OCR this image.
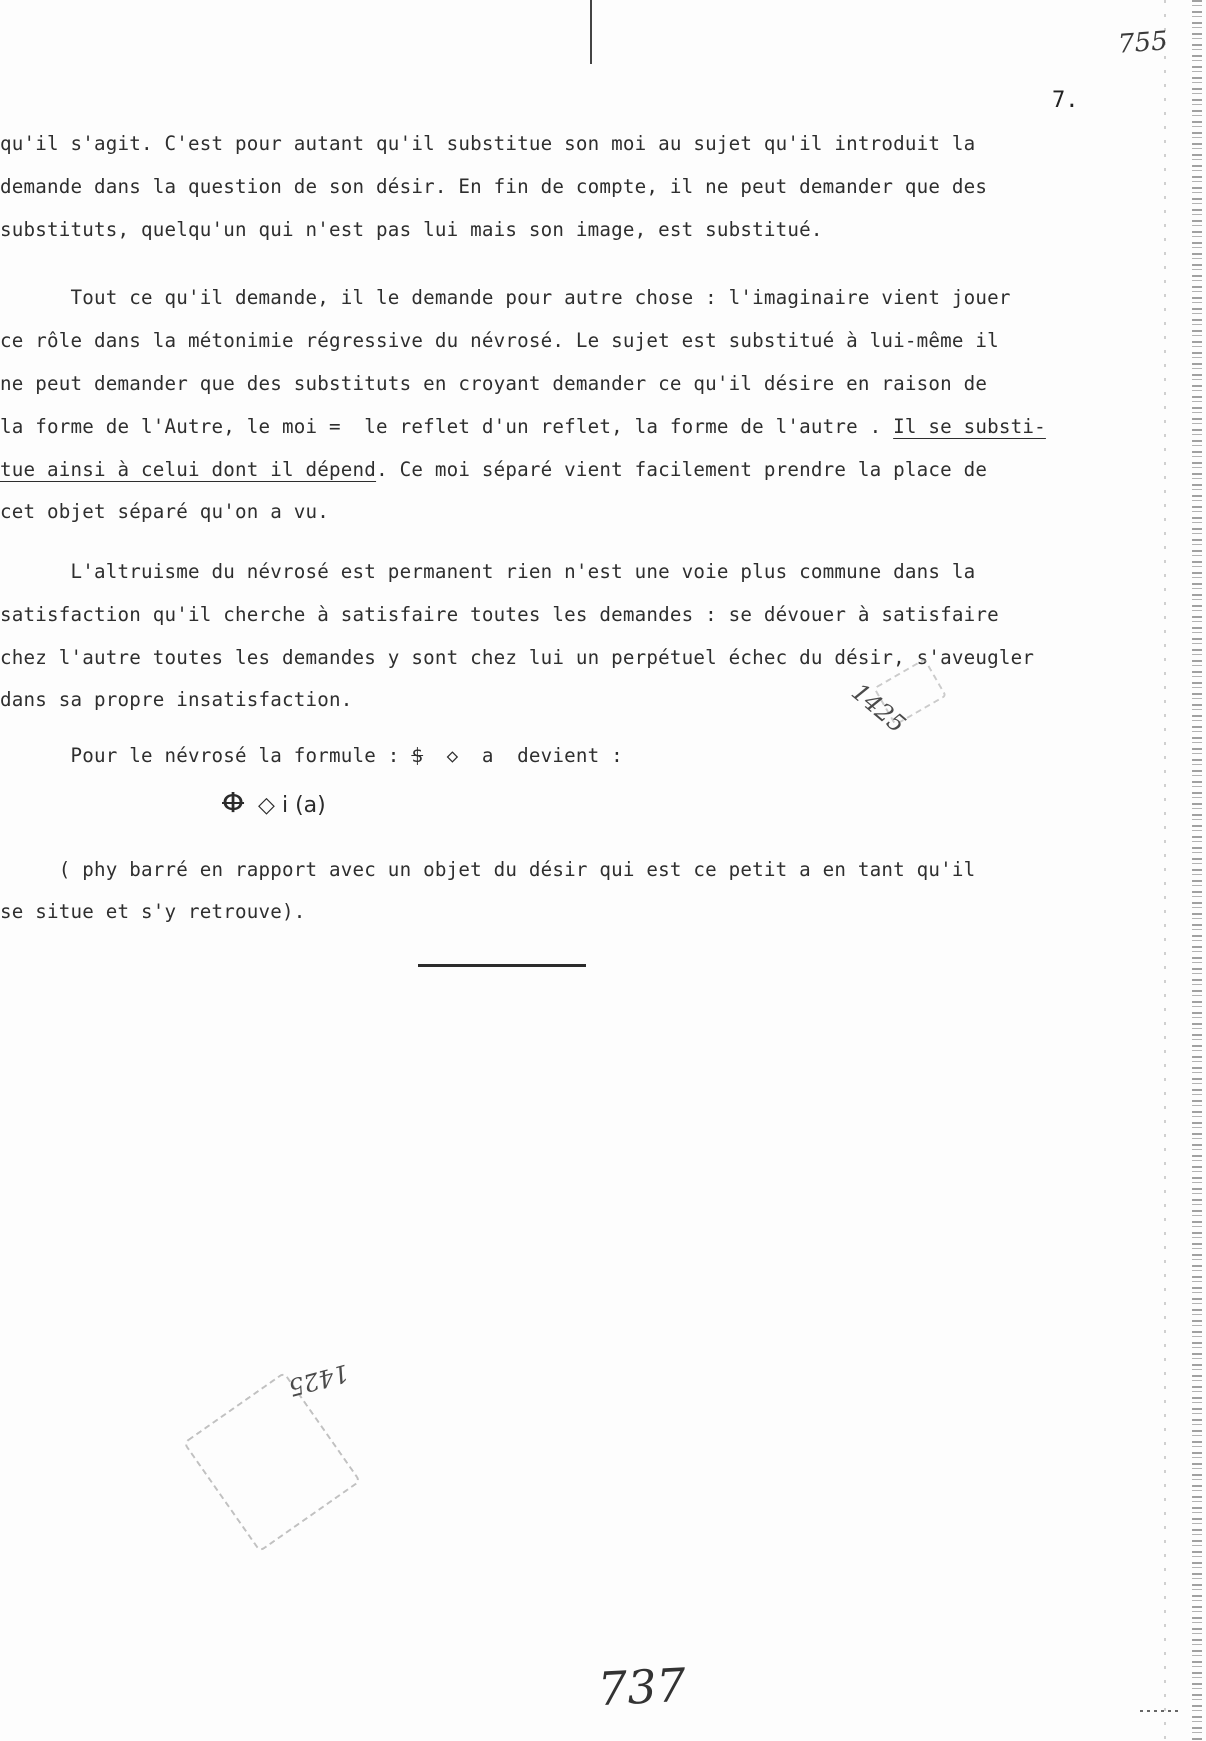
755
7.
qu'il s'agit. C'est pour autant qu'il substitue son moi au sujet qu'il introduit la
demande dans la question de son désir. En fin de compte, il ne peut demander que des
substituts, quelqu'un qui n'est pas lui mais son image, est substitué.
Tout ce qu'il demande, il le demande pour autre chose : l'imaginaire vient jouer
ce rôle dans la métonimie régressive du névrosé. Le sujet est substitué à lui-même il
ne peut demander que des substituts en croyant demander ce qu'il désire en raison de
la forme de l'Autre, le moi =  le reflet d'un reflet, la forme de l'autre . Il se substi-
tue ainsi à celui dont il dépend. Ce moi séparé vient facilement prendre la place de
cet objet séparé qu'on a vu.
L'altruisme du névrosé est permanent rien n'est une voie plus commune dans la
satisfaction qu'il cherche à satisfaire toutes les demandes : se dévouer à satisfaire
chez l'autre toutes les demandes y sont chez lui un perpétuel échec du désir, s'aveugler
dans sa propre insatisfaction.
Pour le névrosé la formule : $ ◇ a  devient :
Φ ◇ i (a)
( phy barré en rapport avec un objet du désir qui est ce petit a en tant qu'il
se situe et s'y retrouve).
1425
1425
737
